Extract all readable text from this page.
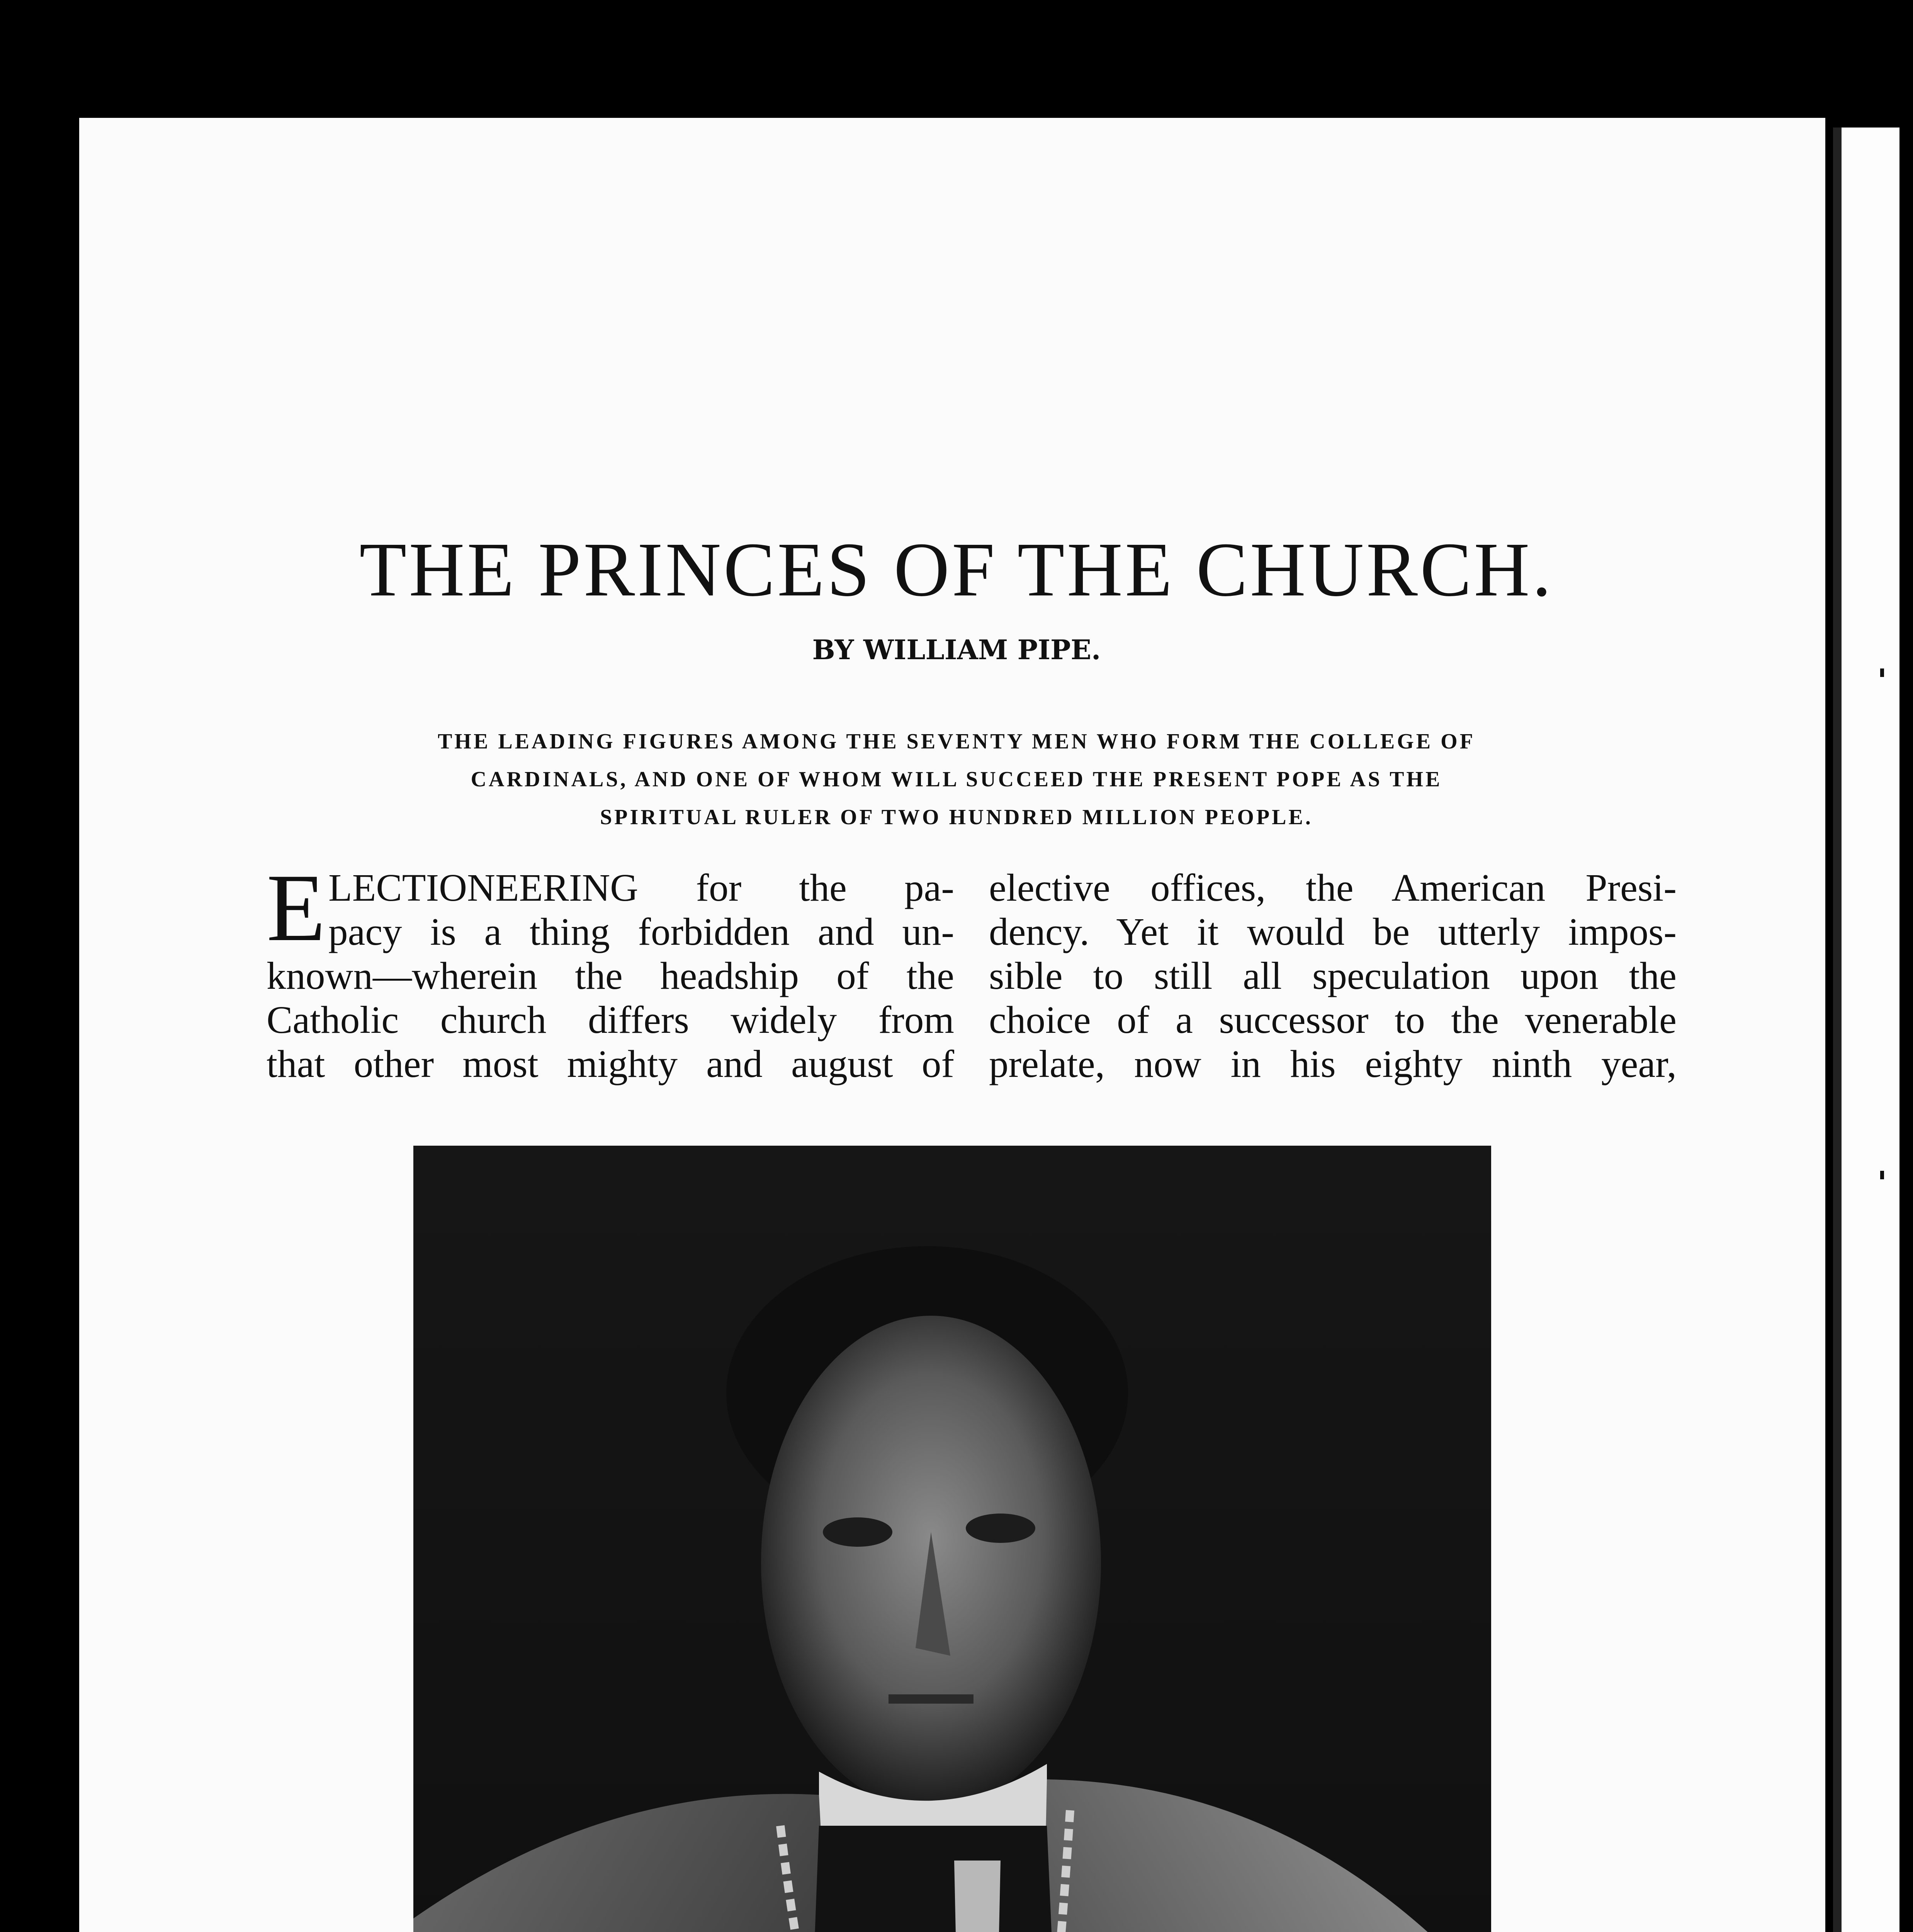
THE PRINCES OF THE CHURCH.
BY WILLIAM PIPE.
THE LEADING FIGURES AMONG THE SEVENTY MEN WHO FORM THE COLLEGE OF
CARDINALS, AND ONE OF WHOM WILL SUCCEED THE PRESENT POPE AS THE
SPIRITUAL RULER OF TWO HUNDRED MILLION PEOPLE.
E LECTIONEERING for the pa-
pacy is a thing forbidden and un-
known—wherein the headship of the
Catholic church differs widely from
that other most mighty and august of
elective offices, the American Presi-
dency. Yet it would be utterly impos-
sible to still all speculation upon the
choice of a successor to the venerable
prelate, now in his eighty ninth year,
